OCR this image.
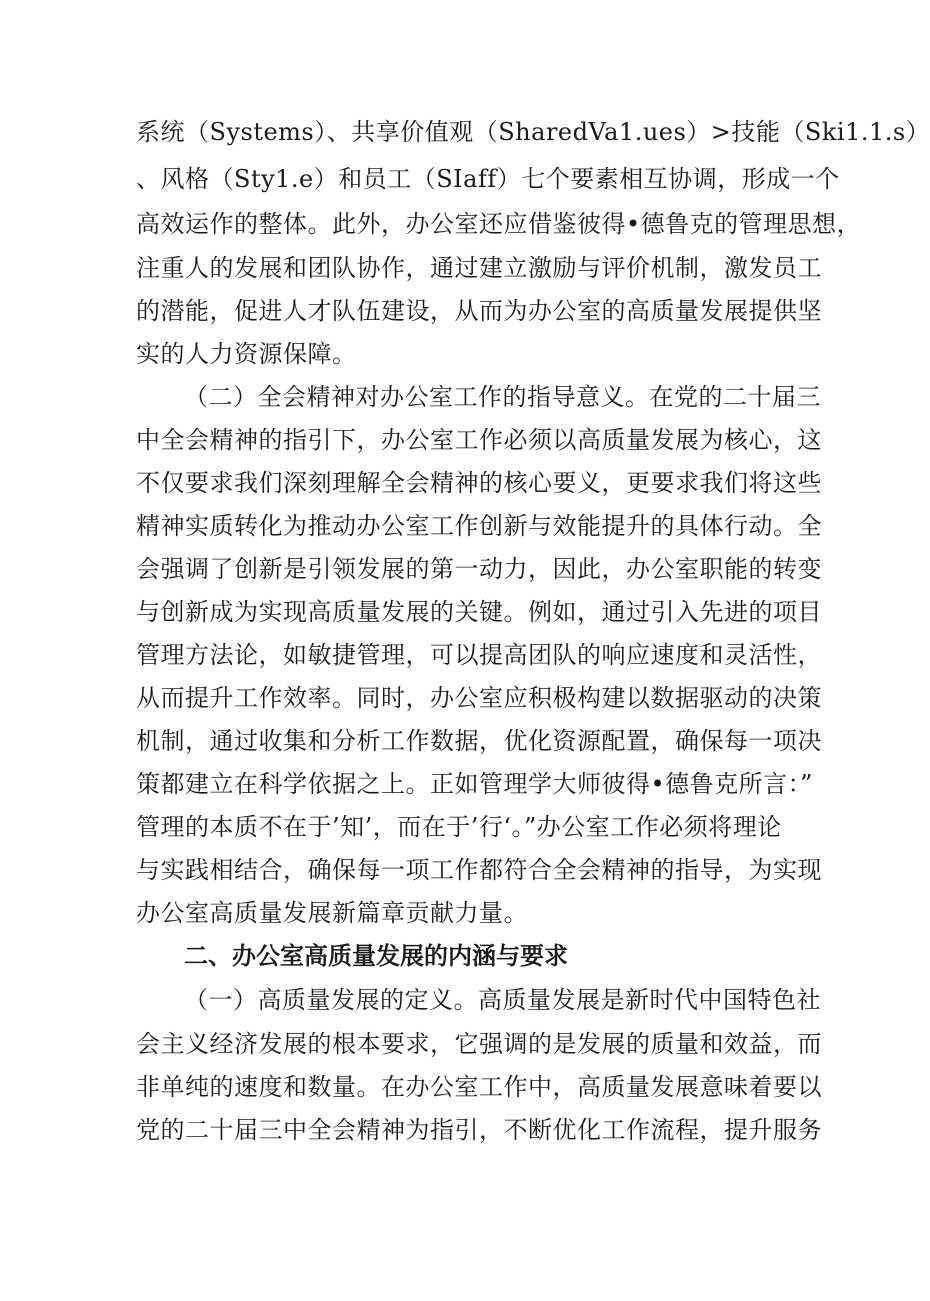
系统（Systems）、共享价值观（SharedVa1.ues）>技能（Ski1.1.s）
、风格（Sty1.e）和员工（SIaff）七个要素相互协调，形成一个
高效运作的整体。此外，办公室还应借鉴彼得•德鲁克的管理思想，
注重人的发展和团队协作，通过建立激励与评价机制，激发员工
的潜能，促进人才队伍建设，从而为办公室的高质量发展提供坚
实的人力资源保障。
（二）全会精神对办公室工作的指导意义。在党的二十届三
中全会精神的指引下，办公室工作必须以高质量发展为核心，这
不仅要求我们深刻理解全会精神的核心要义，更要求我们将这些
精神实质转化为推动办公室工作创新与效能提升的具体行动。全
会强调了创新是引领发展的第一动力，因此，办公室职能的转变
与创新成为实现高质量发展的关键。例如，通过引入先进的项目
管理方法论，如敏捷管理，可以提高团队的响应速度和灵活性，
从而提升工作效率。同时，办公室应积极构建以数据驱动的决策
机制，通过收集和分析工作数据，优化资源配置，确保每一项决
策都建立在科学依据之上。正如管理学大师彼得•德鲁克所言：”
管理的本质不在于’知’，而在于’行‘。”办公室工作必须将理论
与实践相结合，确保每一项工作都符合全会精神的指导，为实现
办公室高质量发展新篇章贡献力量。
二、办公室高质量发展的内涵与要求
（一）高质量发展的定义。高质量发展是新时代中国特色社
会主义经济发展的根本要求，它强调的是发展的质量和效益，而
非单纯的速度和数量。在办公室工作中，高质量发展意味着要以
党的二十届三中全会精神为指引，不断优化工作流程，提升服务
